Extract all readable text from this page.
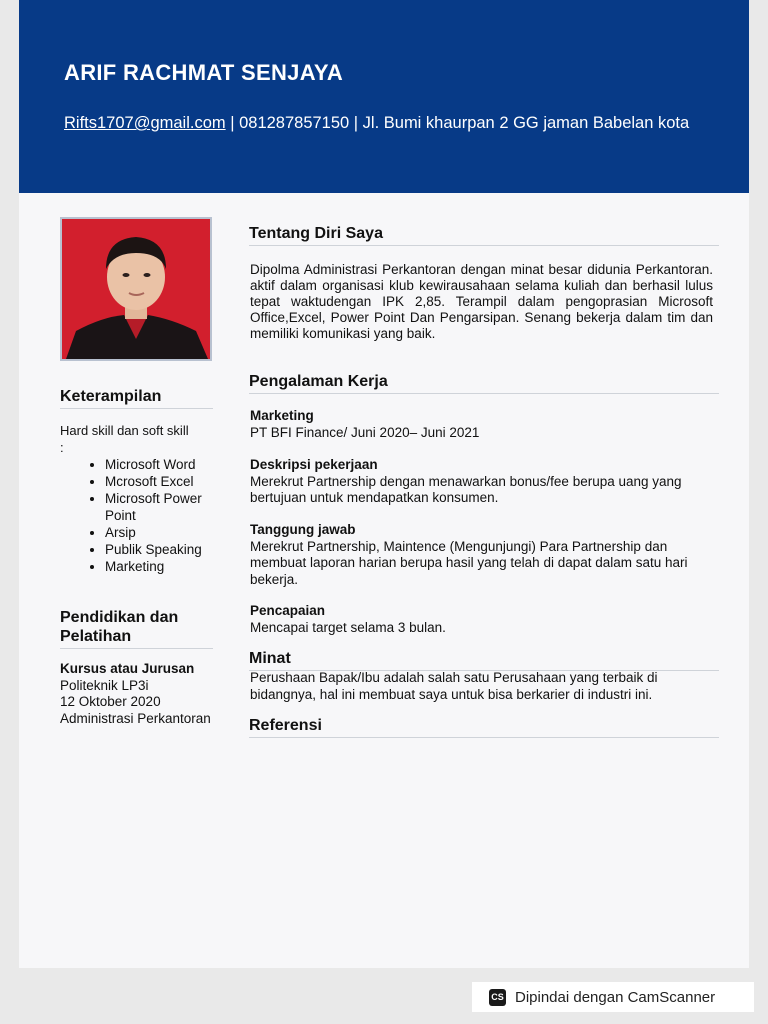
ARIF RACHMAT SENJAYA
Rifts1707@gmail.com | 081287857150 | Jl. Bumi khaurpan 2 GG jaman Babelan kota
Keterampilan
Hard skill dan soft skill :
• Microsoft Word
• Mcrosoft Excel
• Microsoft Power Point
• Arsip
• Publik Speaking
• Marketing
Pendidikan dan Pelatihan
Kursus atau Jurusan
Politeknik LP3i
12 Oktober 2020
Administrasi Perkantoran
Tentang Diri Saya
Dipolma Administrasi Perkantoran dengan minat besar didunia Perkantoran. aktif dalam organisasi klub kewirausahaan selama kuliah dan berhasil lulus tepat waktudengan IPK 2,85. Terampil dalam pengoprasian Microsoft Office,Excel, Power Point Dan Pengarsipan. Senang bekerja dalam tim dan memiliki komunikasi yang baik.
Pengalaman Kerja
Marketing
PT BFI Finance/ Juni 2020– Juni 2021
Deskripsi pekerjaan
Merekrut Partnership dengan menawarkan bonus/fee berupa uang yang bertujuan untuk mendapatkan konsumen.
Tanggung jawab
Merekrut Partnership, Maintence (Mengunjungi) Para Partnership dan membuat laporan harian berupa hasil yang telah di dapat dalam satu hari bekerja.
Pencapaian
Mencapai target selama 3 bulan.
Minat
Perushaan Bapak/Ibu adalah salah satu Perusahaan yang terbaik di bidangnya, hal ini membuat saya untuk bisa berkarier di industri ini.
Referensi
CS Dipindai dengan CamScanner
